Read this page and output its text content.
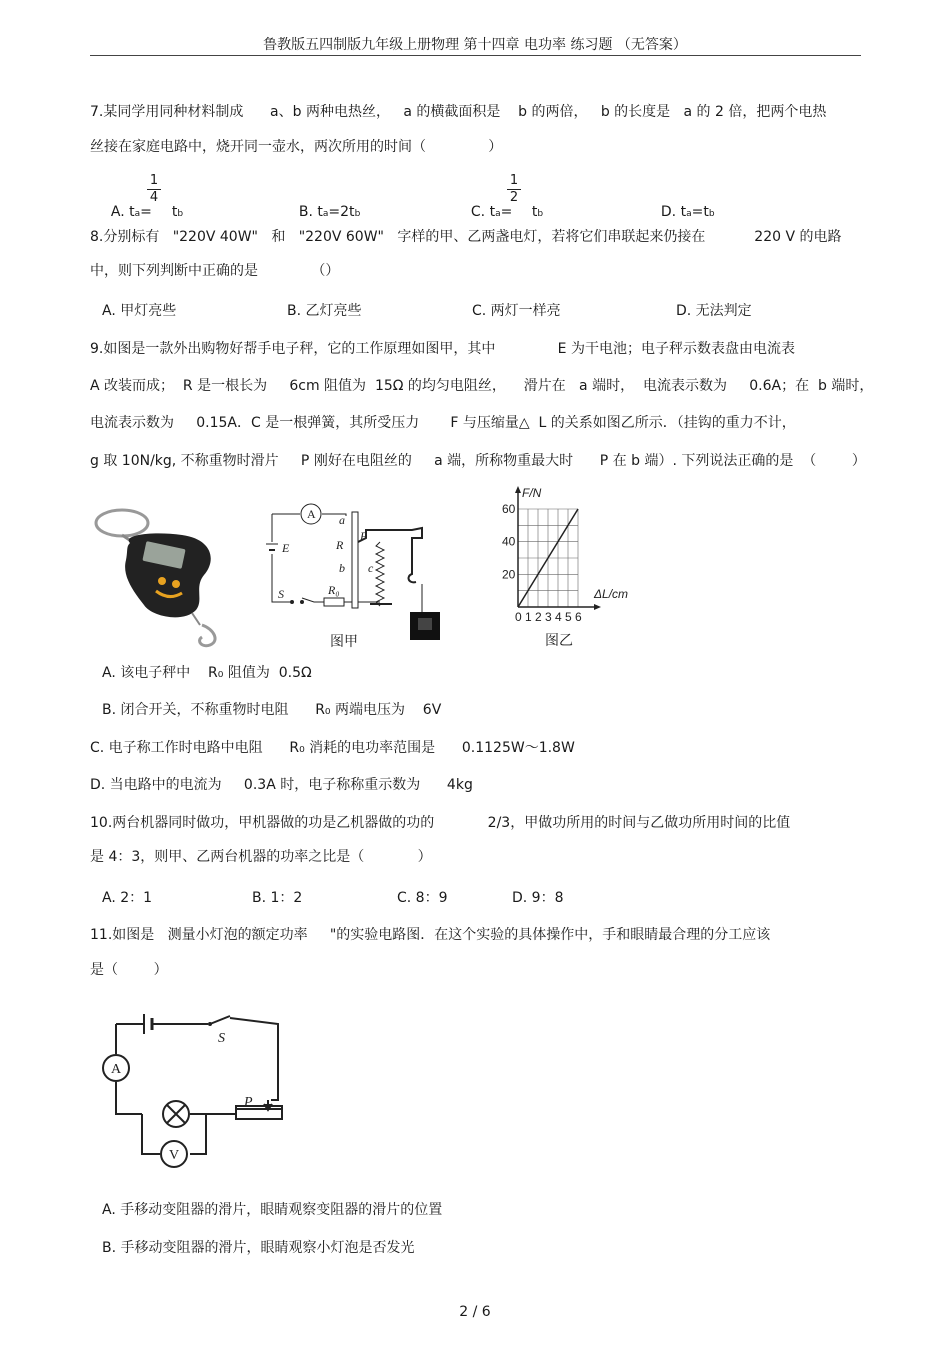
鲁教版五四制版九年级上册物理 第十四章 电功率 练习题 （无答案）
7.某同学用同种材料制成      a、b 两种电热丝，   a 的横截面积是    b 的两倍，   b 的长度是   a 的 2 倍，把两个电热
丝接在家庭电路中，烧开同一壶水，两次所用的时间（              ）

A. ta=

1
4

tb	B. ta=2tb	C. ta=

1
2

tb	D. ta=tb

8.分别标有   "220V 40W"   和   "220V 60W"   字样的甲、乙两盏电灯，若将它们串联起来仍接在           220 V 的电路
中，则下列判断中正确的是            （）
A. 甲灯亮些	B. 乙灯亮些	C. 两灯一样亮	D. 无法判定
9.如图是一款外出购物好帮手电子秤，它的工作原理如图甲，其中              E 为干电池；电子秤示数表盘由电流表
A 改装而成；  R 是一根长为     6cm 阻值为  15Ω 的均匀电阻丝，    滑片在   a 端时，  电流表示数为     0.6A；在  b 端时，
电流表示数为     0.15A．C 是一根弹簧，其所受压力       F 与压缩量△  L 的关系如图乙所示．（挂钩的重力不计，
g 取 10N/kg, 不称重物时滑片     P 刚好在电阻丝的     a 端，所称物重最大时      P 在 b 端）. 下列说法正确的是  （        ）
A
E
a
R
b
P
c
S	R₀
图甲
0 1 2 3 4 5 6
20
40
60
F/N
ΔL/cm
图乙
A. 该电子秤中    R₀ 阻值为  0.5Ω
B. 闭合开关，不称重物时电阻      R₀ 两端电压为    6V
C. 电子称工作时电路中电阻      R₀ 消耗的电功率范围是      0.1125W～1.8W
D. 当电路中的电流为     0.3A 时，电子称称重示数为      4kg
10.两台机器同时做功，甲机器做的功是乙机器做的功的            2/3，甲做功所用的时间与乙做功所用时间的比值
是 4：3，则甲、乙两台机器的功率之比是（            ）
A. 2：1	B. 1：2	C. 8：9	D. 9：8
11.如图是   测量小灯泡的额定功率     "的实验电路图．在这个实验的具体操作中，手和眼睛最合理的分工应该
是（        ）
S
A
P
V
A. 手移动变阻器的滑片，眼睛观察变阻器的滑片的位置
B. 手移动变阻器的滑片，眼睛观察小灯泡是否发光
2 / 6
